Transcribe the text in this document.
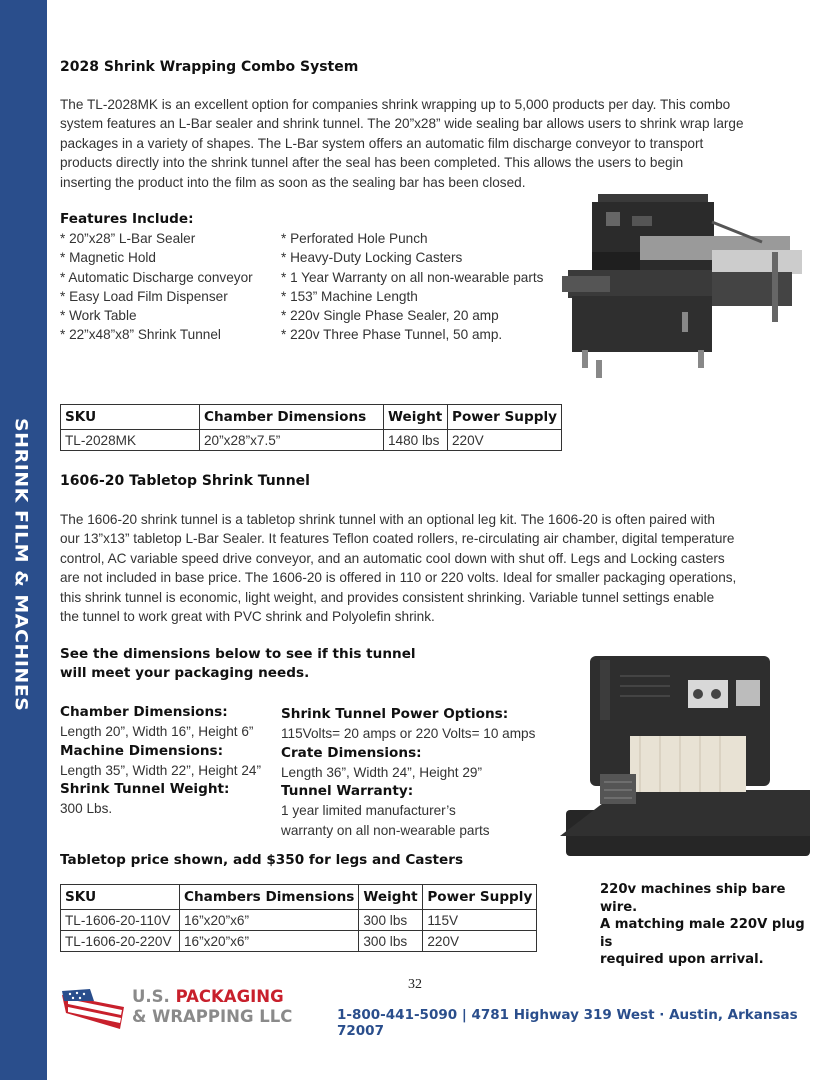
SHRINK FILM & MACHINES
2028 Shrink Wrapping Combo System
The TL-2028MK is an excellent option for companies shrink wrapping up to 5,000 products per day. This combo
system features an L-Bar sealer and shrink tunnel. The 20”x28” wide sealing bar allows users to shrink wrap large
packages in a variety of shapes. The L-Bar system offers an automatic film discharge conveyor to transport
products directly into the shrink tunnel after the seal has been completed. This allows the users to begin
inserting the product into the film as soon as the sealing bar has been closed.
Features Include:
* 20”x28” L-Bar Sealer
* Magnetic Hold
* Automatic Discharge conveyor
* Easy Load Film Dispenser
* Work Table
* 22”x48”x8” Shrink Tunnel
* Perforated Hole Punch
* Heavy-Duty Locking Casters
* 1 Year Warranty on all non-wearable parts
* 153” Machine Length
* 220v Single Phase Sealer, 20 amp
* 220v Three Phase Tunnel, 50 amp.
SKU	Chamber Dimensions	Weight	Power Supply
TL-2028MK	20”x28”x7.5”	1480 lbs	220V
1606-20 Tabletop Shrink Tunnel
The 1606-20 shrink tunnel is a tabletop shrink tunnel with an optional leg kit. The 1606-20 is often paired with
our 13”x13” tabletop L-Bar Sealer. It features Teflon coated rollers, re-circulating air chamber, digital temperature
control, AC variable speed drive conveyor, and an automatic cool down with shut off. Legs and Locking casters
are not included in base price. The 1606-20 is offered in 110 or 220 volts. Ideal for smaller packaging operations,
this shrink tunnel is economic, light weight, and provides consistent shrinking. Variable tunnel settings enable
the tunnel to work great with PVC shrink and Polyolefin shrink.
See the dimensions below to see if this tunnel
will meet your packaging needs.
Chamber Dimensions:
Length 20”, Width 16”, Height 6”
Machine Dimensions:
Length 35”, Width 22”, Height 24”
Shrink Tunnel Weight:
300 Lbs.
Shrink Tunnel Power Options:
115Volts= 20 amps or 220 Volts= 10 amps
Crate Dimensions:
Length 36”, Width 24”, Height 29”
Tunnel Warranty:
1 year limited manufacturer’s
warranty on all non-wearable parts
Tabletop price shown, add $350 for legs and Casters
SKU	Chambers Dimensions	Weight	Power Supply
TL-1606-20-110V	16”x20”x6”	300 lbs	115V
TL-1606-20-220V	16”x20”x6”	300 lbs	220V
220v machines ship bare wire.
A matching male 220V plug is
required upon arrival.
32
U.S. PACKAGING
& WRAPPING LLC	1-800-441-5090 | 4781 Highway 319 West · Austin, Arkansas 72007
